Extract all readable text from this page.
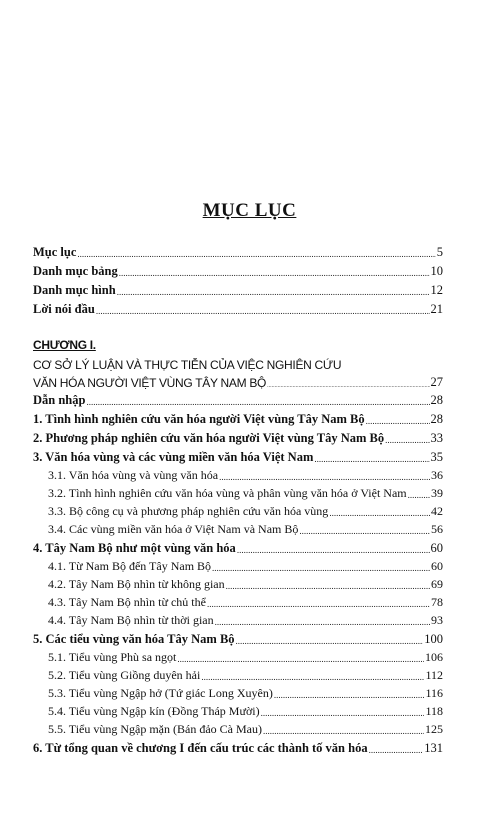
MỤC LỤC
Mục lục .....	5
Danh mục bảng .....	10
Danh mục hình .....	12
Lời nói đầu .....	21
CHƯƠNG I.
CƠ SỞ LÝ LUẬN VÀ THỰC TIỄN CỦA VIỆC NGHIÊN CỨU
VĂN HÓA NGƯỜI VIỆT VÙNG TÂY NAM BỘ .....	27
Dẫn nhập .....	28
1. Tình hình nghiên cứu văn hóa người Việt vùng Tây Nam Bộ .....	28
2. Phương pháp nghiên cứu văn hóa người Việt vùng Tây Nam Bộ .....	33
3. Văn hóa vùng và các vùng miền văn hóa Việt Nam .....	35
3.1. Văn hóa vùng và vùng văn hóa .....	36
3.2. Tình hình nghiên cứu văn hóa vùng và phân vùng văn hóa ở Việt Nam ..... 39
3.3. Bộ công cụ và phương pháp nghiên cứu văn hóa vùng .....	42
3.4. Các vùng miền văn hóa ở Việt Nam và Nam Bộ .....	56
4. Tây Nam Bộ như một vùng văn hóa .....	60
4.1. Từ Nam Bộ đến Tây Nam Bộ .....	60
4.2. Tây Nam Bộ nhìn từ không gian .....	69
4.3. Tây Nam Bộ nhìn từ chủ thể .....	78
4.4. Tây Nam Bộ nhìn từ thời gian .....	93
5. Các tiểu vùng văn hóa Tây Nam Bộ .....	100
5.1. Tiểu vùng Phù sa ngọt .....	106
5.2. Tiểu vùng Giồng duyên hải .....	112
5.3. Tiểu vùng Ngập hở (Tứ giác Long Xuyên) .....	116
5.4. Tiểu vùng Ngập kín (Đồng Tháp Mười) .....	118
5.5. Tiểu vùng Ngập mặn (Bán đảo Cà Mau) .....	125
6. Từ tổng quan về chương I đến cấu trúc các thành tố văn hóa .....	131
